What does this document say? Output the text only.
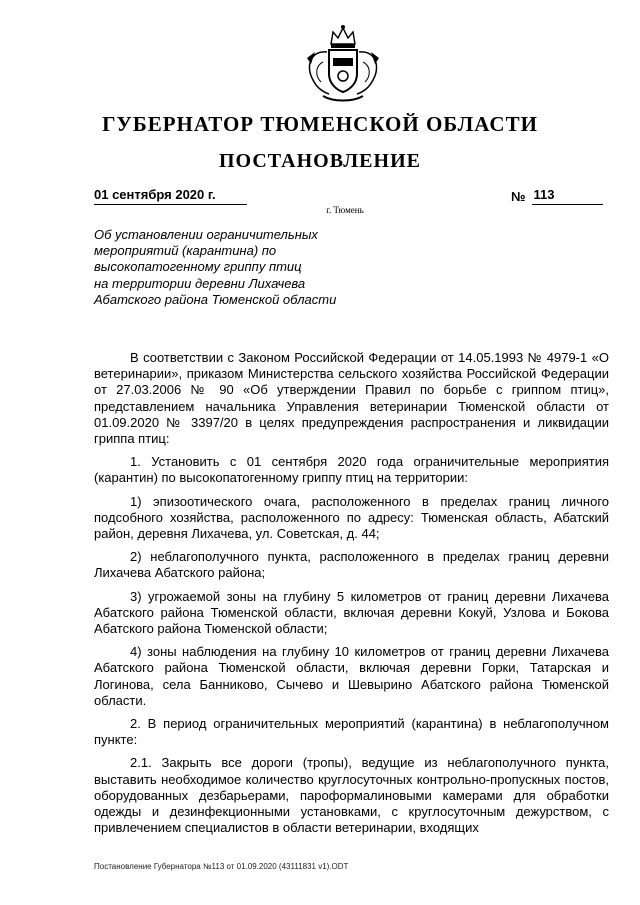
ГУБЕРНАТОР ТЮМЕНСКОЙ ОБЛАСТИ
ПОСТАНОВЛЕНИЕ
01 сентября 2020 г.	№ 113
г. Тюмень
Об установлении ограничительных
мероприятий (карантина) по
высокопатогенному гриппу птиц
на территории деревни Лихачева
Абатского района Тюменской области

В соответствии с Законом Российской Федерации от 14.05.1993 № 4979-1 «О ветеринарии», приказом Министерства сельского хозяйства Российской Федерации от 27.03.2006 № 90 «Об утверждении Правил по борьбе с гриппом птиц», представлением начальника Управления ветеринарии Тюменской области от 01.09.2020 № 3397/20 в целях предупреждения распространения и ликвидации гриппа птиц:

1. Установить с 01 сентября 2020 года ограничительные мероприятия (карантин) по высокопатогенному гриппу птиц на территории:

1) эпизоотического очага, расположенного в пределах границ личного подсобного хозяйства, расположенного по адресу: Тюменская область, Абатский район, деревня Лихачева, ул. Советская, д. 44;

2) неблагополучного пункта, расположенного в пределах границ деревни Лихачева Абатского района;

3) угрожаемой зоны на глубину 5 километров от границ деревни Лихачева Абатского района Тюменской области, включая деревни Кокуй, Узлова и Бокова Абатского района Тюменской области;

4) зоны наблюдения на глубину 10 километров от границ деревни Лихачева Абатского района Тюменской области, включая деревни Горки, Татарская и Логинова, села Банниково, Сычево и Шевырино Абатского района Тюменской области.

2. В период ограничительных мероприятий (карантина) в неблагополучном пункте:

2.1. Закрыть все дороги (тропы), ведущие из неблагополучного пункта, выставить необходимое количество круглосуточных контрольно-пропускных постов, оборудованных дезбарьерами, пароформалиновыми камерами для обработки одежды и дезинфекционными установками, с круглосуточным дежурством, с привлечением специалистов в области ветеринарии, входящих

Постановление Губернатора №113 от 01.09.2020 (43111831 v1).ODT
